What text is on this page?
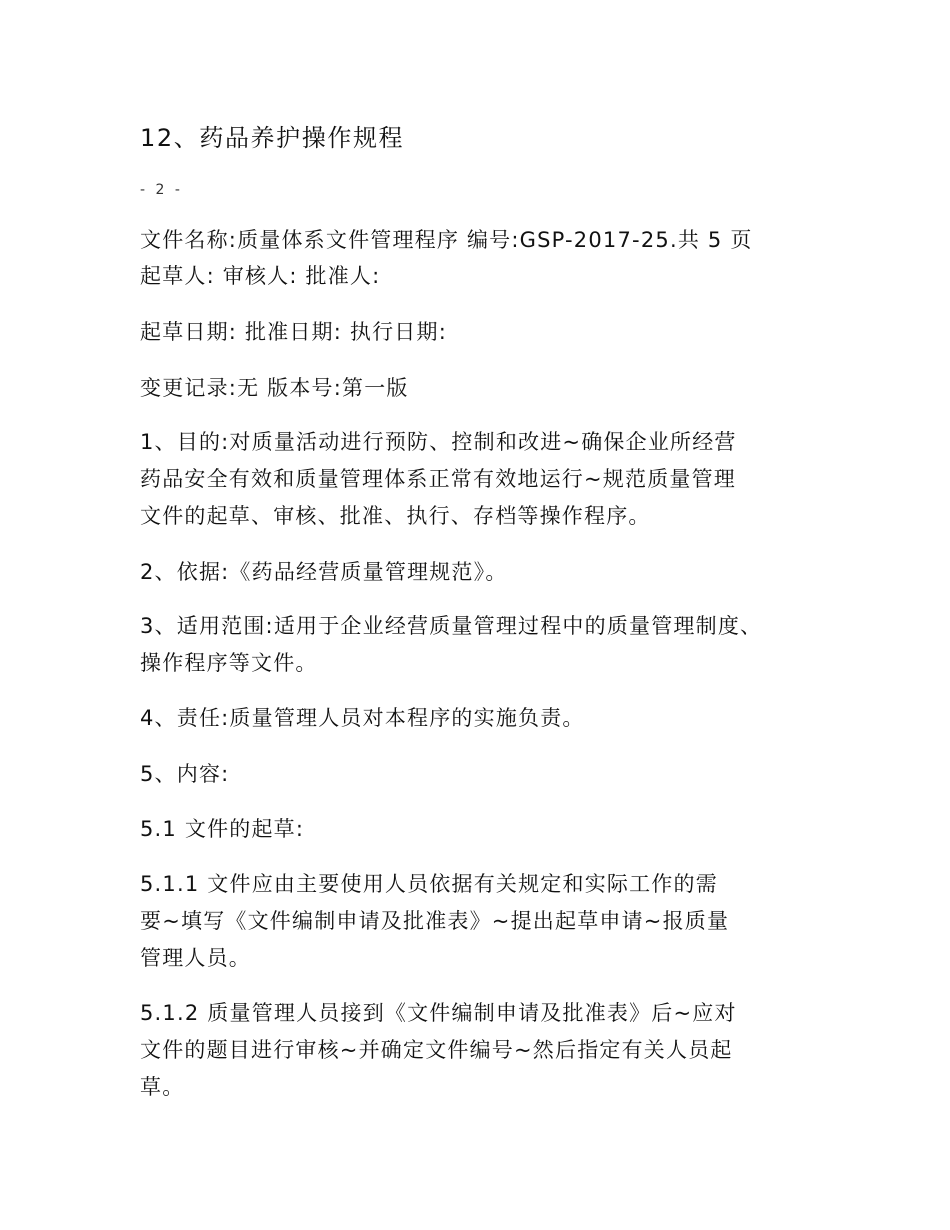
12、药品养护操作规程
- 2 -
文件名称:质量体系文件管理程序 编号:GSP-2017-25.共 5 页
起草人: 审核人: 批准人:
起草日期: 批准日期: 执行日期:
变更记录:无 版本号:第一版
1、目的:对质量活动进行预防、控制和改进~确保企业所经营
药品安全有效和质量管理体系正常有效地运行~规范质量管理
文件的起草、审核、批准、执行、存档等操作程序。
2、依据:《药品经营质量管理规范》。
3、适用范围:适用于企业经营质量管理过程中的质量管理制度、
操作程序等文件。
4、责任:质量管理人员对本程序的实施负责。
5、内容:
5.1 文件的起草:
5.1.1 文件应由主要使用人员依据有关规定和实际工作的需
要~填写《文件编制申请及批准表》~提出起草申请~报质量
管理人员。
5.1.2 质量管理人员接到《文件编制申请及批准表》后~应对
文件的题目进行审核~并确定文件编号~然后指定有关人员起
草。
